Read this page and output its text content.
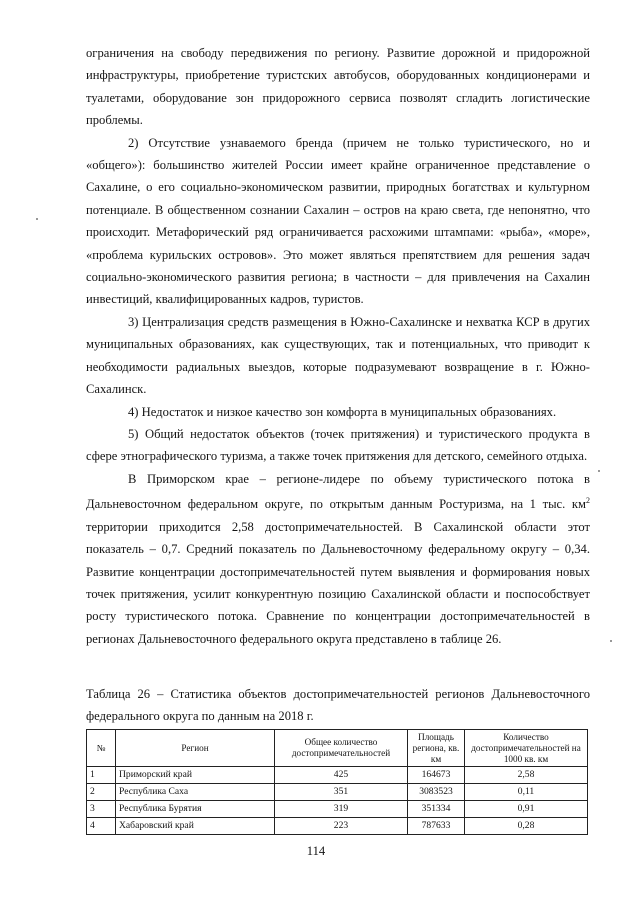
ограничения на свободу передвижения по региону. Развитие дорожной и придорожной инфраструктуры, приобретение туристских автобусов, оборудованных кондиционерами и туалетами, оборудование зон придорожного сервиса позволят сгладить логистические проблемы.

2) Отсутствие узнаваемого бренда (причем не только туристического, но и «общего»): большинство жителей России имеет крайне ограниченное представление о Сахалине, о его социально-экономическом развитии, природных богатствах и культурном потенциале. В общественном сознании Сахалин – остров на краю света, где непонятно, что происходит. Метафорический ряд ограничивается расхожими штампами: «рыба», «море», «проблема курильских островов». Это может являться препятствием для решения задач социально-экономического развития региона; в частности – для привлечения на Сахалин инвестиций, квалифицированных кадров, туристов.

3) Централизация средств размещения в Южно-Сахалинске и нехватка КСР в других муниципальных образованиях, как существующих, так и потенциальных, что приводит к необходимости радиальных выездов, которые подразумевают возвращение в г. Южно-Сахалинск.

4) Недостаток и низкое качество зон комфорта в муниципальных образованиях.

5) Общий недостаток объектов (точек притяжения) и туристического продукта в сфере этнографического туризма, а также точек притяжения для детского, семейного отдыха.

В Приморском крае – регионе-лидере по объему туристического потока в Дальневосточном федеральном округе, по открытым данным Ростуризма, на 1 тыс. $км^2$ территории приходится 2,58 достопримечательностей. В Сахалинской области этот показатель – 0,7. Средний показатель по Дальневосточному федеральному округу – 0,34. Развитие концентрации достопримечательностей путем выявления и формирования новых точек притяжения, усилит конкурентную позицию Сахалинской области и поспособствует росту туристического потока. Сравнение по концентрации достопримечательностей в регионах Дальневосточного федерального округа представлено в таблице 26.

Таблица 26 – Статистика объектов достопримечательностей регионов Дальневосточного федерального округа по данным на 2018 г.
№	Регион	Общее количество достопримечательностей	Площадь региона, кв. км	Количество достопримечательностей на 1000 кв. км
1	Приморский край	425	164673	2,58
2	Республика Саха	351	3083523	0,11
3	Республика Бурятия	319	351334	0,91
4	Хабаровский край	223	787633	0,28
114
